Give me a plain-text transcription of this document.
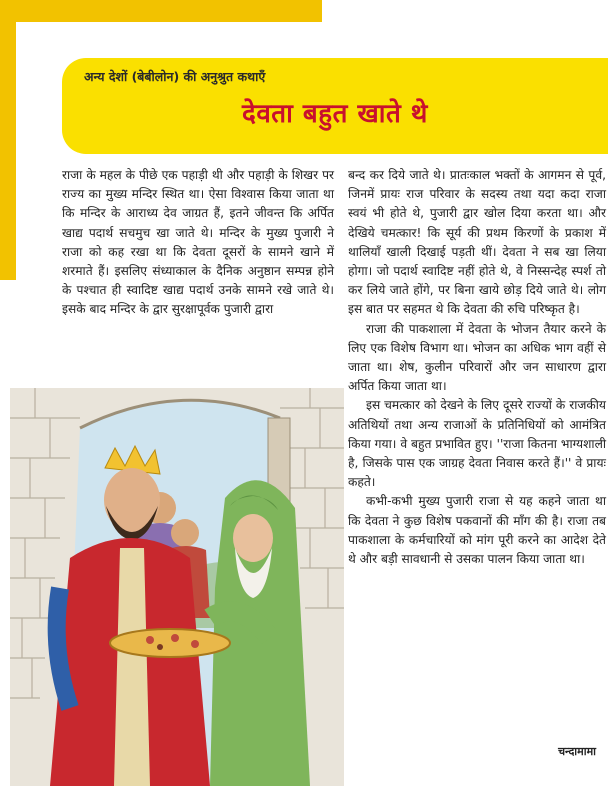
अन्य देशों (बेबीलोन) की अनुश्रुत कथाएँ
देवता बहुत खाते थे

राजा के महल के पीछे एक पहाड़ी थी और पहाड़ी के शिखर पर राज्य का मुख्य मन्दिर स्थित था। ऐसा विश्वास किया जाता था कि मन्दिर के आराध्य देव जाग्रत हैं, इतने जीवन्त कि अर्पित खाद्य पदार्थ सचमुच खा जाते थे। मन्दिर के मुख्य पुजारी ने राजा को कह रखा था कि देवता दूसरों के सामने खाने में शरमाते हैं। इसलिए संध्याकाल के दैनिक अनुष्ठान सम्पन्न होने के पश्चात ही स्वादिष्ट खाद्य पदार्थ उनके सामने रखे जाते थे। इसके बाद मन्दिर के द्वार सुरक्षापूर्वक पुजारी द्वारा

बन्द कर दिये जाते थे। प्रातःकाल भक्तों के आगमन से पूर्व, जिनमें प्रायः राज परिवार के सदस्य तथा यदा कदा राजा स्वयं भी होते थे, पुजारी द्वार खोल दिया करता था। और देखिये चमत्कार! कि सूर्य की प्रथम किरणों के प्रकाश में थालियाँ खाली दिखाई पड़ती थीं। देवता ने सब खा लिया होगा। जो पदार्थ स्वादिष्ट नहीं होते थे, वे निस्सन्देह स्पर्श तो कर लिये जाते होंगे, पर बिना खाये छोड़ दिये जाते थे। लोग इस बात पर सहमत थे कि देवता की रुचि परिष्कृत है।

राजा की पाकशाला में देवता के भोजन तैयार करने के लिए एक विशेष विभाग था। भोजन का अधिक भाग वहीं से जाता था। शेष, कुलीन परिवारों और जन साधारण द्वारा अर्पित किया जाता था।

इस चमत्कार को देखने के लिए दूसरे राज्यों के राजकीय अतिथियों तथा अन्य राजाओं के प्रतिनिधियों को आमंत्रित किया गया। वे बहुत प्रभावित हुए। ''राजा कितना भाग्यशाली है, जिसके पास एक जाग्रह देवता निवास करते हैं।'' वे प्रायः कहते।

कभी-कभी मुख्य पुजारी राजा से यह कहने जाता था कि देवता ने कुछ विशेष पकवानों की माँग की है। राजा तब पाकशाला के कर्मचारियों को मांग पूरी करने का आदेश देते थे और बड़ी सावधानी से उसका पालन किया जाता था।

चन्दामामा
